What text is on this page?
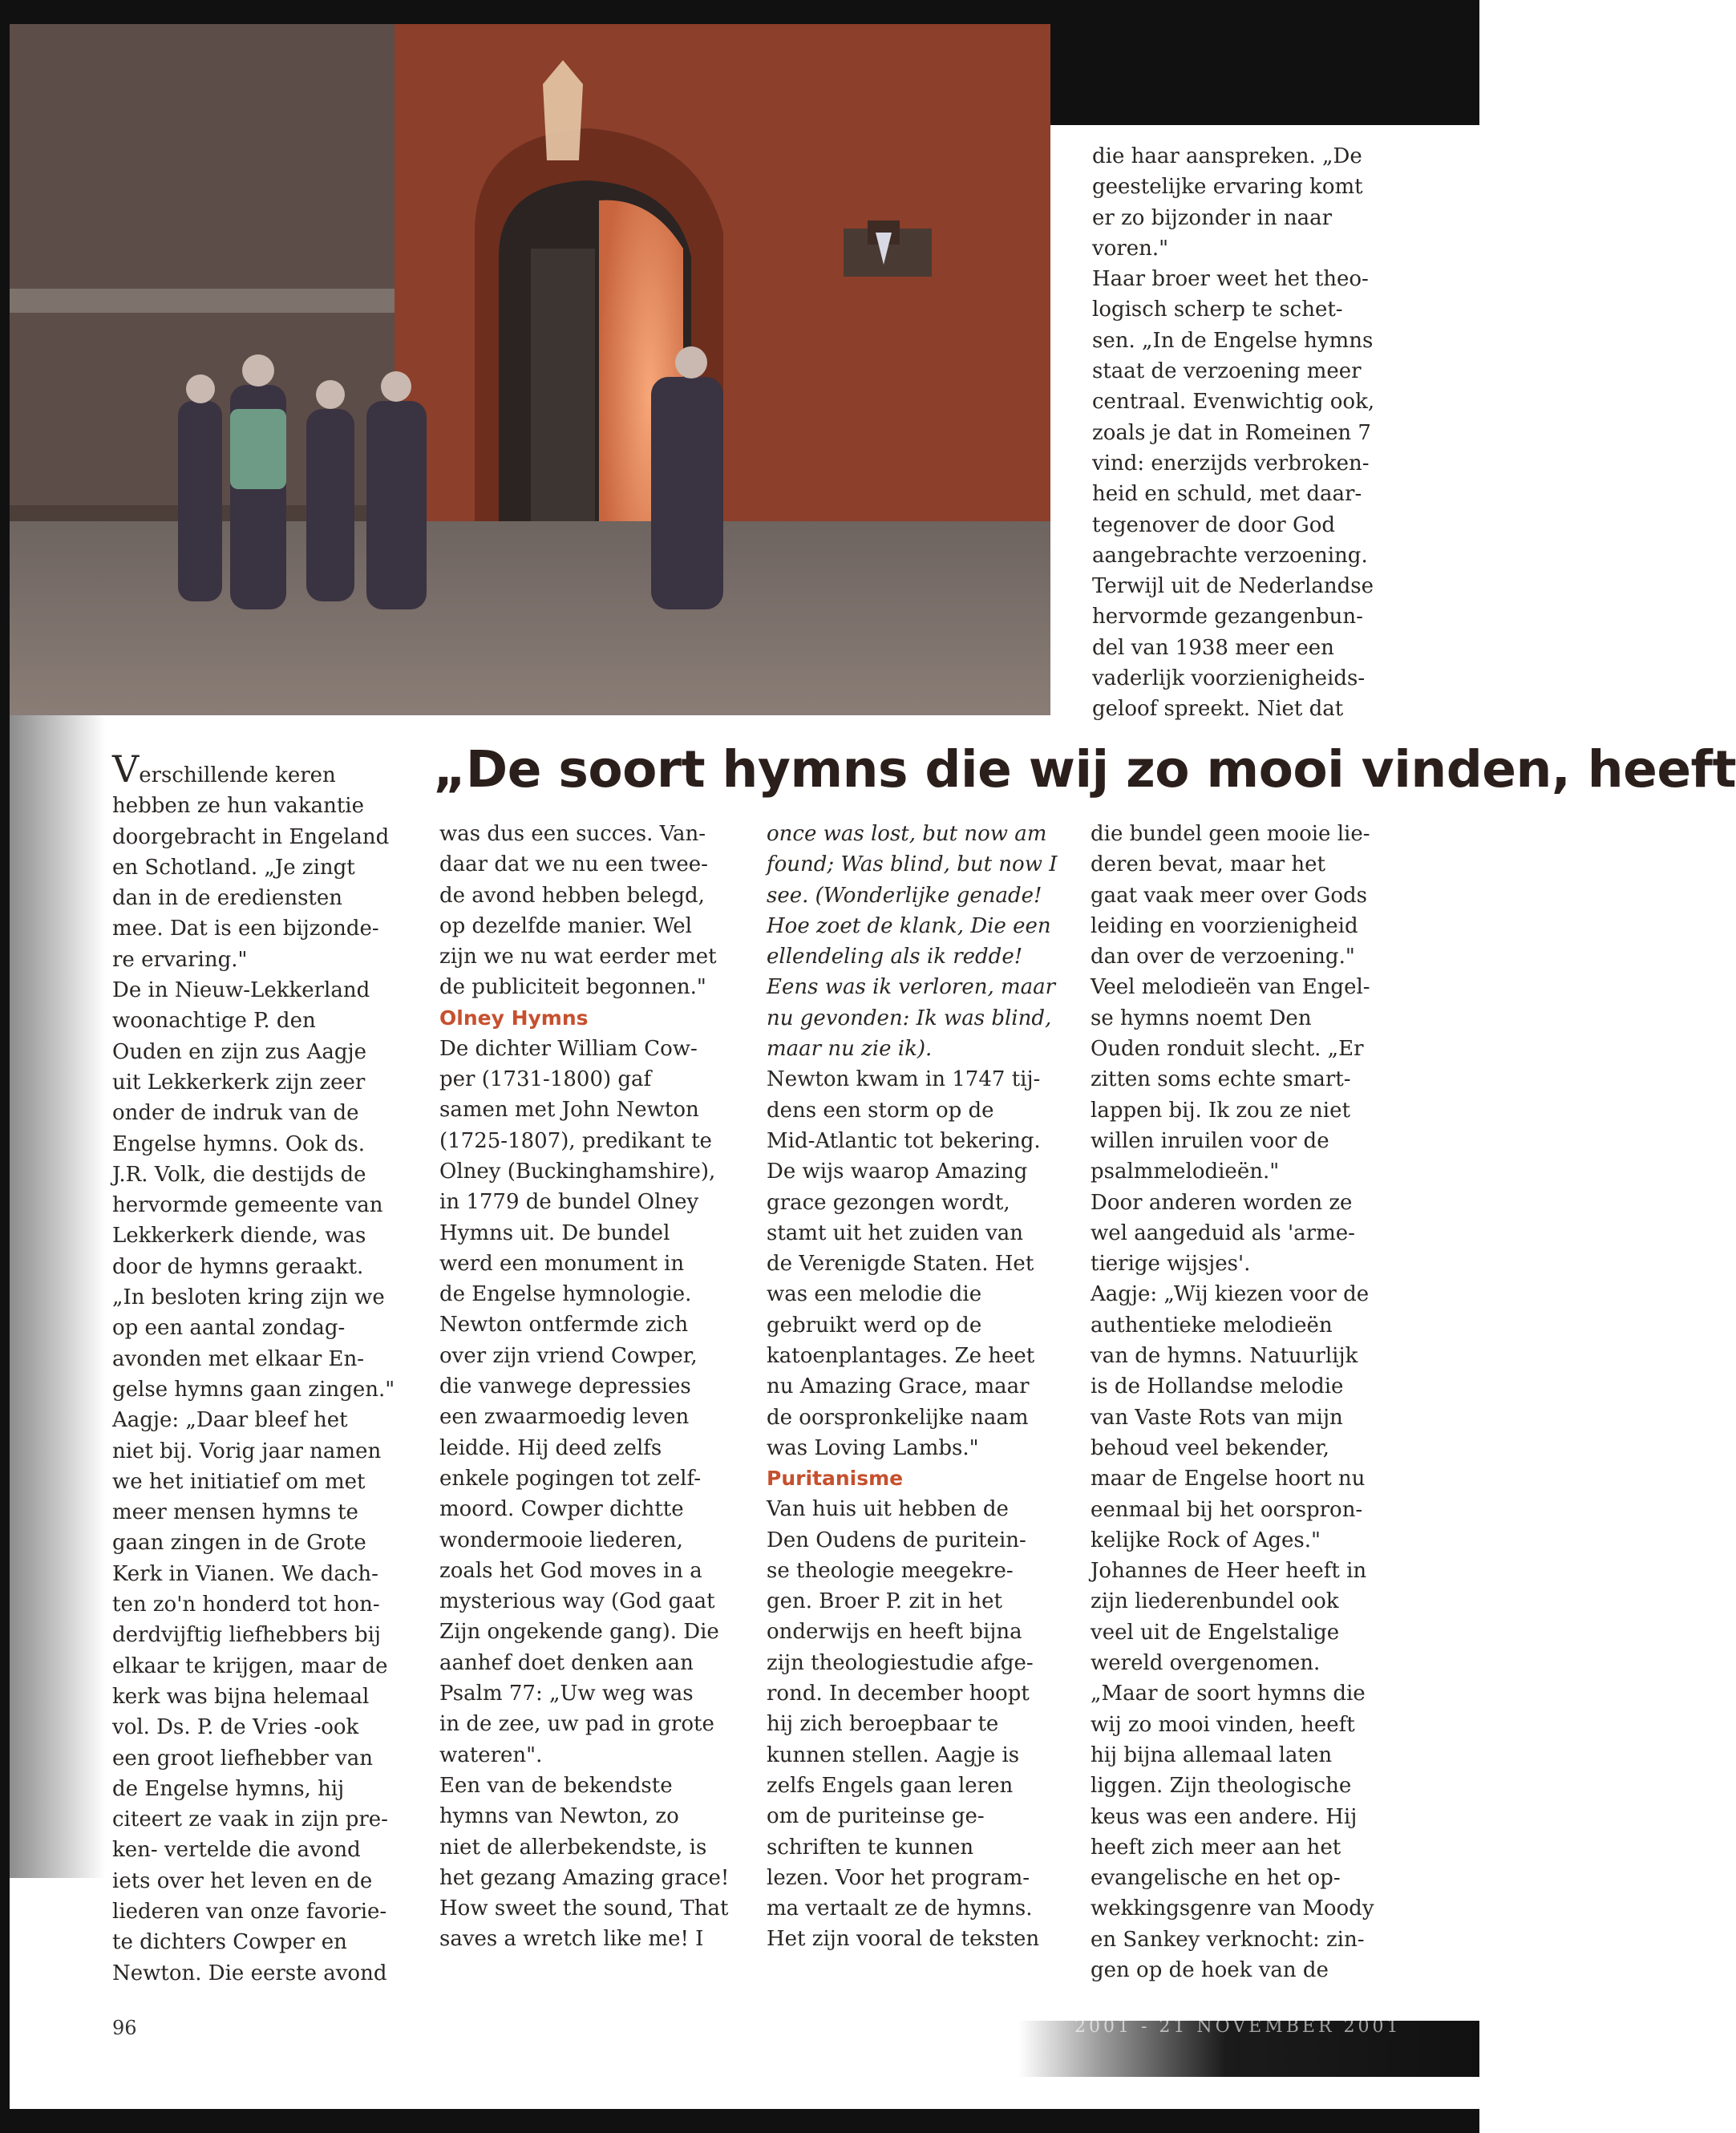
die haar aanspreken. „De

geestelijke ervaring komt

er zo bijzonder in naar

voren."

Haar broer weet het theo-

logisch scherp te schet-

sen. „In de Engelse hymns

staat de verzoening meer

centraal. Evenwichtig ook,

zoals je dat in Romeinen 7

vind: enerzijds verbroken-

heid en schuld, met daar-

tegenover de door God

aangebrachte verzoening.

Terwijl uit de Nederlandse

hervormde gezangenbun-

del van 1938 meer een

vaderlijk voorzienigheids-

geloof spreekt. Niet dat

„De soort hymns die wij zo mooi vinden, heeft

Verschillende keren

hebben ze hun vakantie

doorgebracht in Engeland

en Schotland. „Je zingt

dan in de erediensten

mee. Dat is een bijzonde-

re ervaring."

De in Nieuw-Lekkerland

woonachtige P. den

Ouden en zijn zus Aagje

uit Lekkerkerk zijn zeer

onder de indruk van de

Engelse hymns. Ook ds.

J.R. Volk, die destijds de

hervormde gemeente van

Lekkerkerk diende, was

door de hymns geraakt.

„In besloten kring zijn we

op een aantal zondag-

avonden met elkaar En-

gelse hymns gaan zingen."

Aagje: „Daar bleef het

niet bij. Vorig jaar namen

we het initiatief om met

meer mensen hymns te

gaan zingen in de Grote

Kerk in Vianen. We dach-

ten zo'n honderd tot hon-

derdvijftig liefhebbers bij

elkaar te krijgen, maar de

kerk was bijna helemaal

vol. Ds. P. de Vries -ook

een groot liefhebber van

de Engelse hymns, hij

citeert ze vaak in zijn pre-

ken- vertelde die avond

iets over het leven en de

liederen van onze favorie-

te dichters Cowper en

Newton. Die eerste avond

was dus een succes. Van-

daar dat we nu een twee-

de avond hebben belegd,

op dezelfde manier. Wel

zijn we nu wat eerder met

de publiciteit begonnen."

Olney Hymns

De dichter William Cow-

per (1731-1800) gaf

samen met John Newton

(1725-1807), predikant te

Olney (Buckinghamshire),

in 1779 de bundel Olney

Hymns uit. De bundel

werd een monument in

de Engelse hymnologie.

Newton ontfermde zich

over zijn vriend Cowper,

die vanwege depressies

een zwaarmoedig leven

leidde. Hij deed zelfs

enkele pogingen tot zelf-

moord. Cowper dichtte

wondermooie liederen,

zoals het God moves in a

mysterious way (God gaat

Zijn ongekende gang). Die

aanhef doet denken aan

Psalm 77: „Uw weg was

in de zee, uw pad in grote

wateren".

Een van de bekendste

hymns van Newton, zo

niet de allerbekendste, is

het gezang Amazing grace!

How sweet the sound, That

saves a wretch like me! I

once was lost, but now am

found; Was blind, but now I

see. (Wonderlijke genade!

Hoe zoet de klank, Die een

ellendeling als ik redde!

Eens was ik verloren, maar

nu gevonden: Ik was blind,

maar nu zie ik).

Newton kwam in 1747 tij-

dens een storm op de

Mid-Atlantic tot bekering.

De wijs waarop Amazing

grace gezongen wordt,

stamt uit het zuiden van

de Verenigde Staten. Het

was een melodie die

gebruikt werd op de

katoenplantages. Ze heet

nu Amazing Grace, maar

de oorspronkelijke naam

was Loving Lambs."

Puritanisme

Van huis uit hebben de

Den Oudens de puritein-

se theologie meegekre-

gen. Broer P. zit in het

onderwijs en heeft bijna

zijn theologiestudie afge-

rond. In december hoopt

hij zich beroepbaar te

kunnen stellen. Aagje is

zelfs Engels gaan leren

om de puriteinse ge-

schriften te kunnen

lezen. Voor het program-

ma vertaalt ze de hymns.

Het zijn vooral de teksten

die bundel geen mooie lie-

deren bevat, maar het

gaat vaak meer over Gods

leiding en voorzienigheid

dan over de verzoening."

Veel melodieën van Engel-

se hymns noemt Den

Ouden ronduit slecht. „Er

zitten soms echte smart-

lappen bij. Ik zou ze niet

willen inruilen voor de

psalmmelodieën."

Door anderen worden ze

wel aangeduid als 'arme-

tierige wijsjes'.

Aagje: „Wij kiezen voor de

authentieke melodieën

van de hymns. Natuurlijk

is de Hollandse melodie

van Vaste Rots van mijn

behoud veel bekender,

maar de Engelse hoort nu

eenmaal bij het oorspron-

kelijke Rock of Ages."

Johannes de Heer heeft in

zijn liederenbundel ook

veel uit de Engelstalige

wereld overgenomen.

„Maar de soort hymns die

wij zo mooi vinden, heeft

hij bijna allemaal laten

liggen. Zijn theologische

keus was een andere. Hij

heeft zich meer aan het

evangelische en het op-

wekkingsgenre van Moody

en Sankey verknocht: zin-

gen op de hoek van de

96	2001 - 21 NOVEMBER 2001
